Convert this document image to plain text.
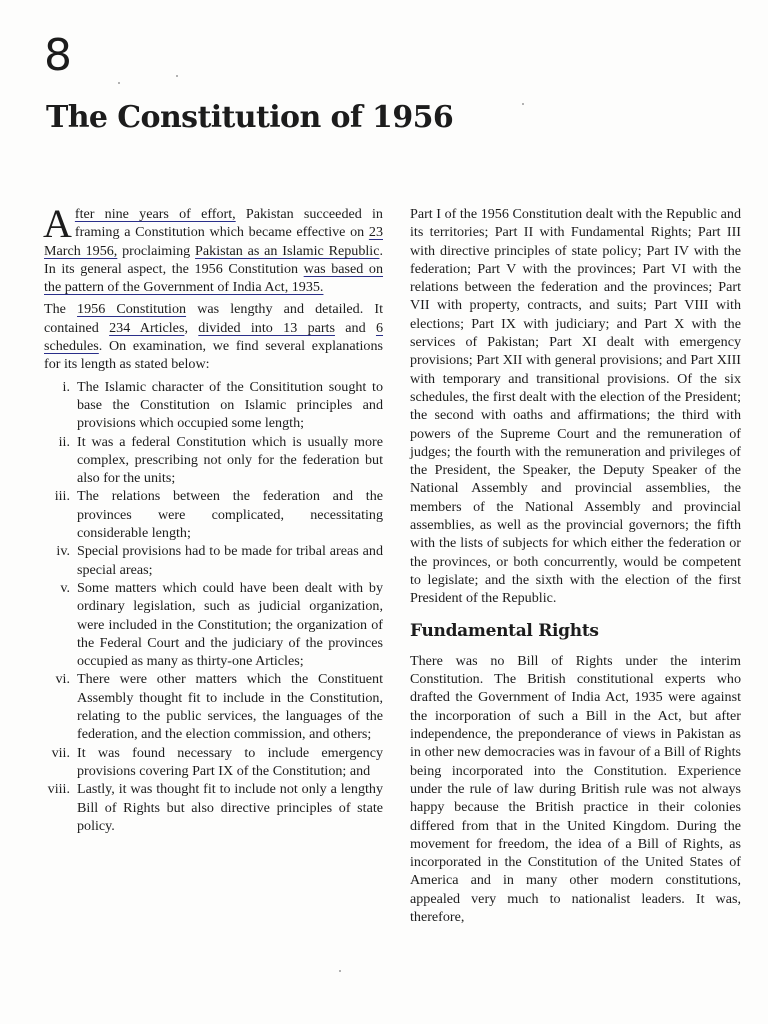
8
The Constitution of 1956

After nine years of effort, Pakistan succeeded in framing a Constitution which became effective on 23 March 1956, proclaiming Pakistan as an Islamic Republic. In its general aspect, the 1956 Constitution was based on the pattern of the Government of India Act, 1935.

The 1956 Constitution was lengthy and detailed. It contained 234 Articles, divided into 13 parts and 6 schedules. On examination, we find several explanations for its length as stated below:

i. The Islamic character of the Consititution sought to base the Constitution on Islamic principles and provisions which occupied some length;
ii. It was a federal Constitution which is usually more complex, prescribing not only for the federation but also for the units;
iii. The relations between the federation and the provinces were complicated, necessitating considerable length;
iv. Special provisions had to be made for tribal areas and special areas;
v. Some matters which could have been dealt with by ordinary legislation, such as judicial organization, were included in the Constitution; the organization of the Federal Court and the judiciary of the provinces occupied as many as thirty-one Articles;
vi. There were other matters which the Constituent Assembly thought fit to include in the Constitution, relating to the public services, the languages of the federation, and the election commission, and others;
vii. It was found necessary to include emergency provisions covering Part IX of the Constitution; and
viii. Lastly, it was thought fit to include not only a lengthy Bill of Rights but also directive principles of state policy.

Part I of the 1956 Constitution dealt with the Republic and its territories; Part II with Fundamental Rights; Part III with directive principles of state policy; Part IV with the federation; Part V with the provinces; Part VI with the relations between the federation and the provinces; Part VII with property, contracts, and suits; Part VIII with elections; Part IX with judiciary; and Part X with the services of Pakistan; Part XI dealt with emergency provisions; Part XII with general provisions; and Part XIII with temporary and transitional provisions. Of the six schedules, the first dealt with the election of the President; the second with oaths and affirmations; the third with powers of the Supreme Court and the remuneration of judges; the fourth with the remuneration and privileges of the President, the Speaker, the Deputy Speaker of the National Assembly and provincial assemblies, the members of the National Assembly and provincial assemblies, as well as the provincial governors; the fifth with the lists of subjects for which either the federation or the provinces, or both concurrently, would be competent to legislate; and the sixth with the election of the first President of the Republic.

Fundamental Rights

There was no Bill of Rights under the interim Constitution. The British constitutional experts who drafted the Government of India Act, 1935 were against the incorporation of such a Bill in the Act, but after independence, the preponderance of views in Pakistan as in other new democracies was in favour of a Bill of Rights being incorporated into the Constitution. Experience under the rule of law during British rule was not always happy because the British practice in their colonies differed from that in the United Kingdom. During the movement for freedom, the idea of a Bill of Rights, as incorporated in the Constitution of the United States of America and in many other modern constitutions, appealed very much to nationalist leaders. It was, therefore,
